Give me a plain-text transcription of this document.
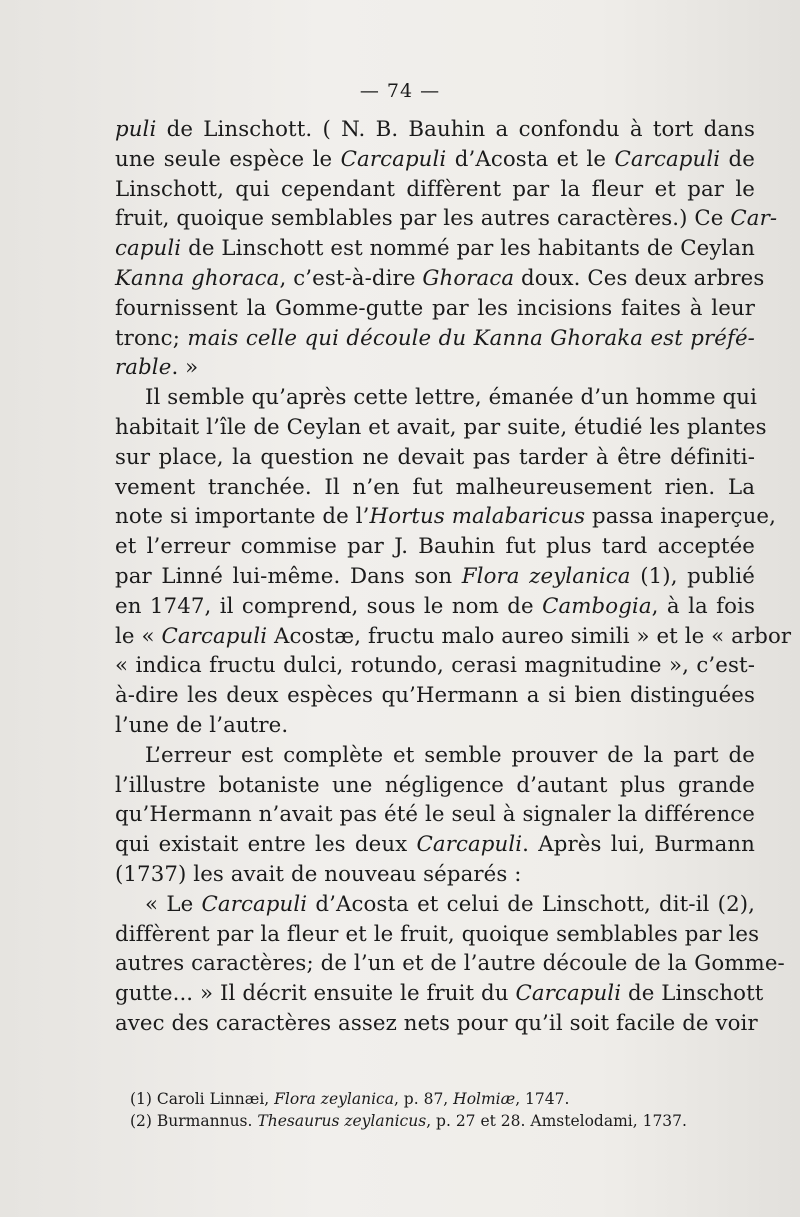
— 74 —
puli de Linschott. ( N. B. Bauhin a confondu à tort dans
une seule espèce le Carcapuli d’Acosta et le Carcapuli de
Linschott, qui cependant diffèrent par la fleur et par le
fruit, quoique semblables par les autres caractères.) Ce Car-
capuli de Linschott est nommé par les habitants de Ceylan
Kanna ghoraca, c’est-à-dire Ghoraca doux. Ces deux arbres
fournissent la Gomme-gutte par les incisions faites à leur
tronc; mais celle qui découle du Kanna Ghoraka est préfé-
rable. »
Il semble qu’après cette lettre, émanée d’un homme qui
habitait l’île de Ceylan et avait, par suite, étudié les plantes
sur place, la question ne devait pas tarder à être définiti-
vement tranchée. Il n’en fut malheureusement rien. La
note si importante de l’Hortus malabaricus passa inaperçue,
et l’erreur commise par J. Bauhin fut plus tard acceptée
par Linné lui-même. Dans son Flora zeylanica (1), publié
en 1747, il comprend, sous le nom de Cambogia, à la fois
le « Carcapuli Acostæ, fructu malo aureo simili » et le « arbor
« indica fructu dulci, rotundo, cerasi magnitudine », c’est-
à-dire les deux espèces qu’Hermann a si bien distinguées
l’une de l’autre.
L’erreur est complète et semble prouver de la part de
l’illustre botaniste une négligence d’autant plus grande
qu’Hermann n’avait pas été le seul à signaler la différence
qui existait entre les deux Carcapuli. Après lui, Burmann
(1737) les avait de nouveau séparés :
« Le Carcapuli d’Acosta et celui de Linschott, dit-il (2),
diffèrent par la fleur et le fruit, quoique semblables par les
autres caractères; de l’un et de l’autre découle de la Gomme-
gutte... » Il décrit ensuite le fruit du Carcapuli de Linschott
avec des caractères assez nets pour qu’il soit facile de voir
(1) Caroli Linnæi, Flora zeylanica, p. 87, Holmiæ, 1747.
(2) Burmannus. Thesaurus zeylanicus, p. 27 et 28. Amstelodami, 1737.
